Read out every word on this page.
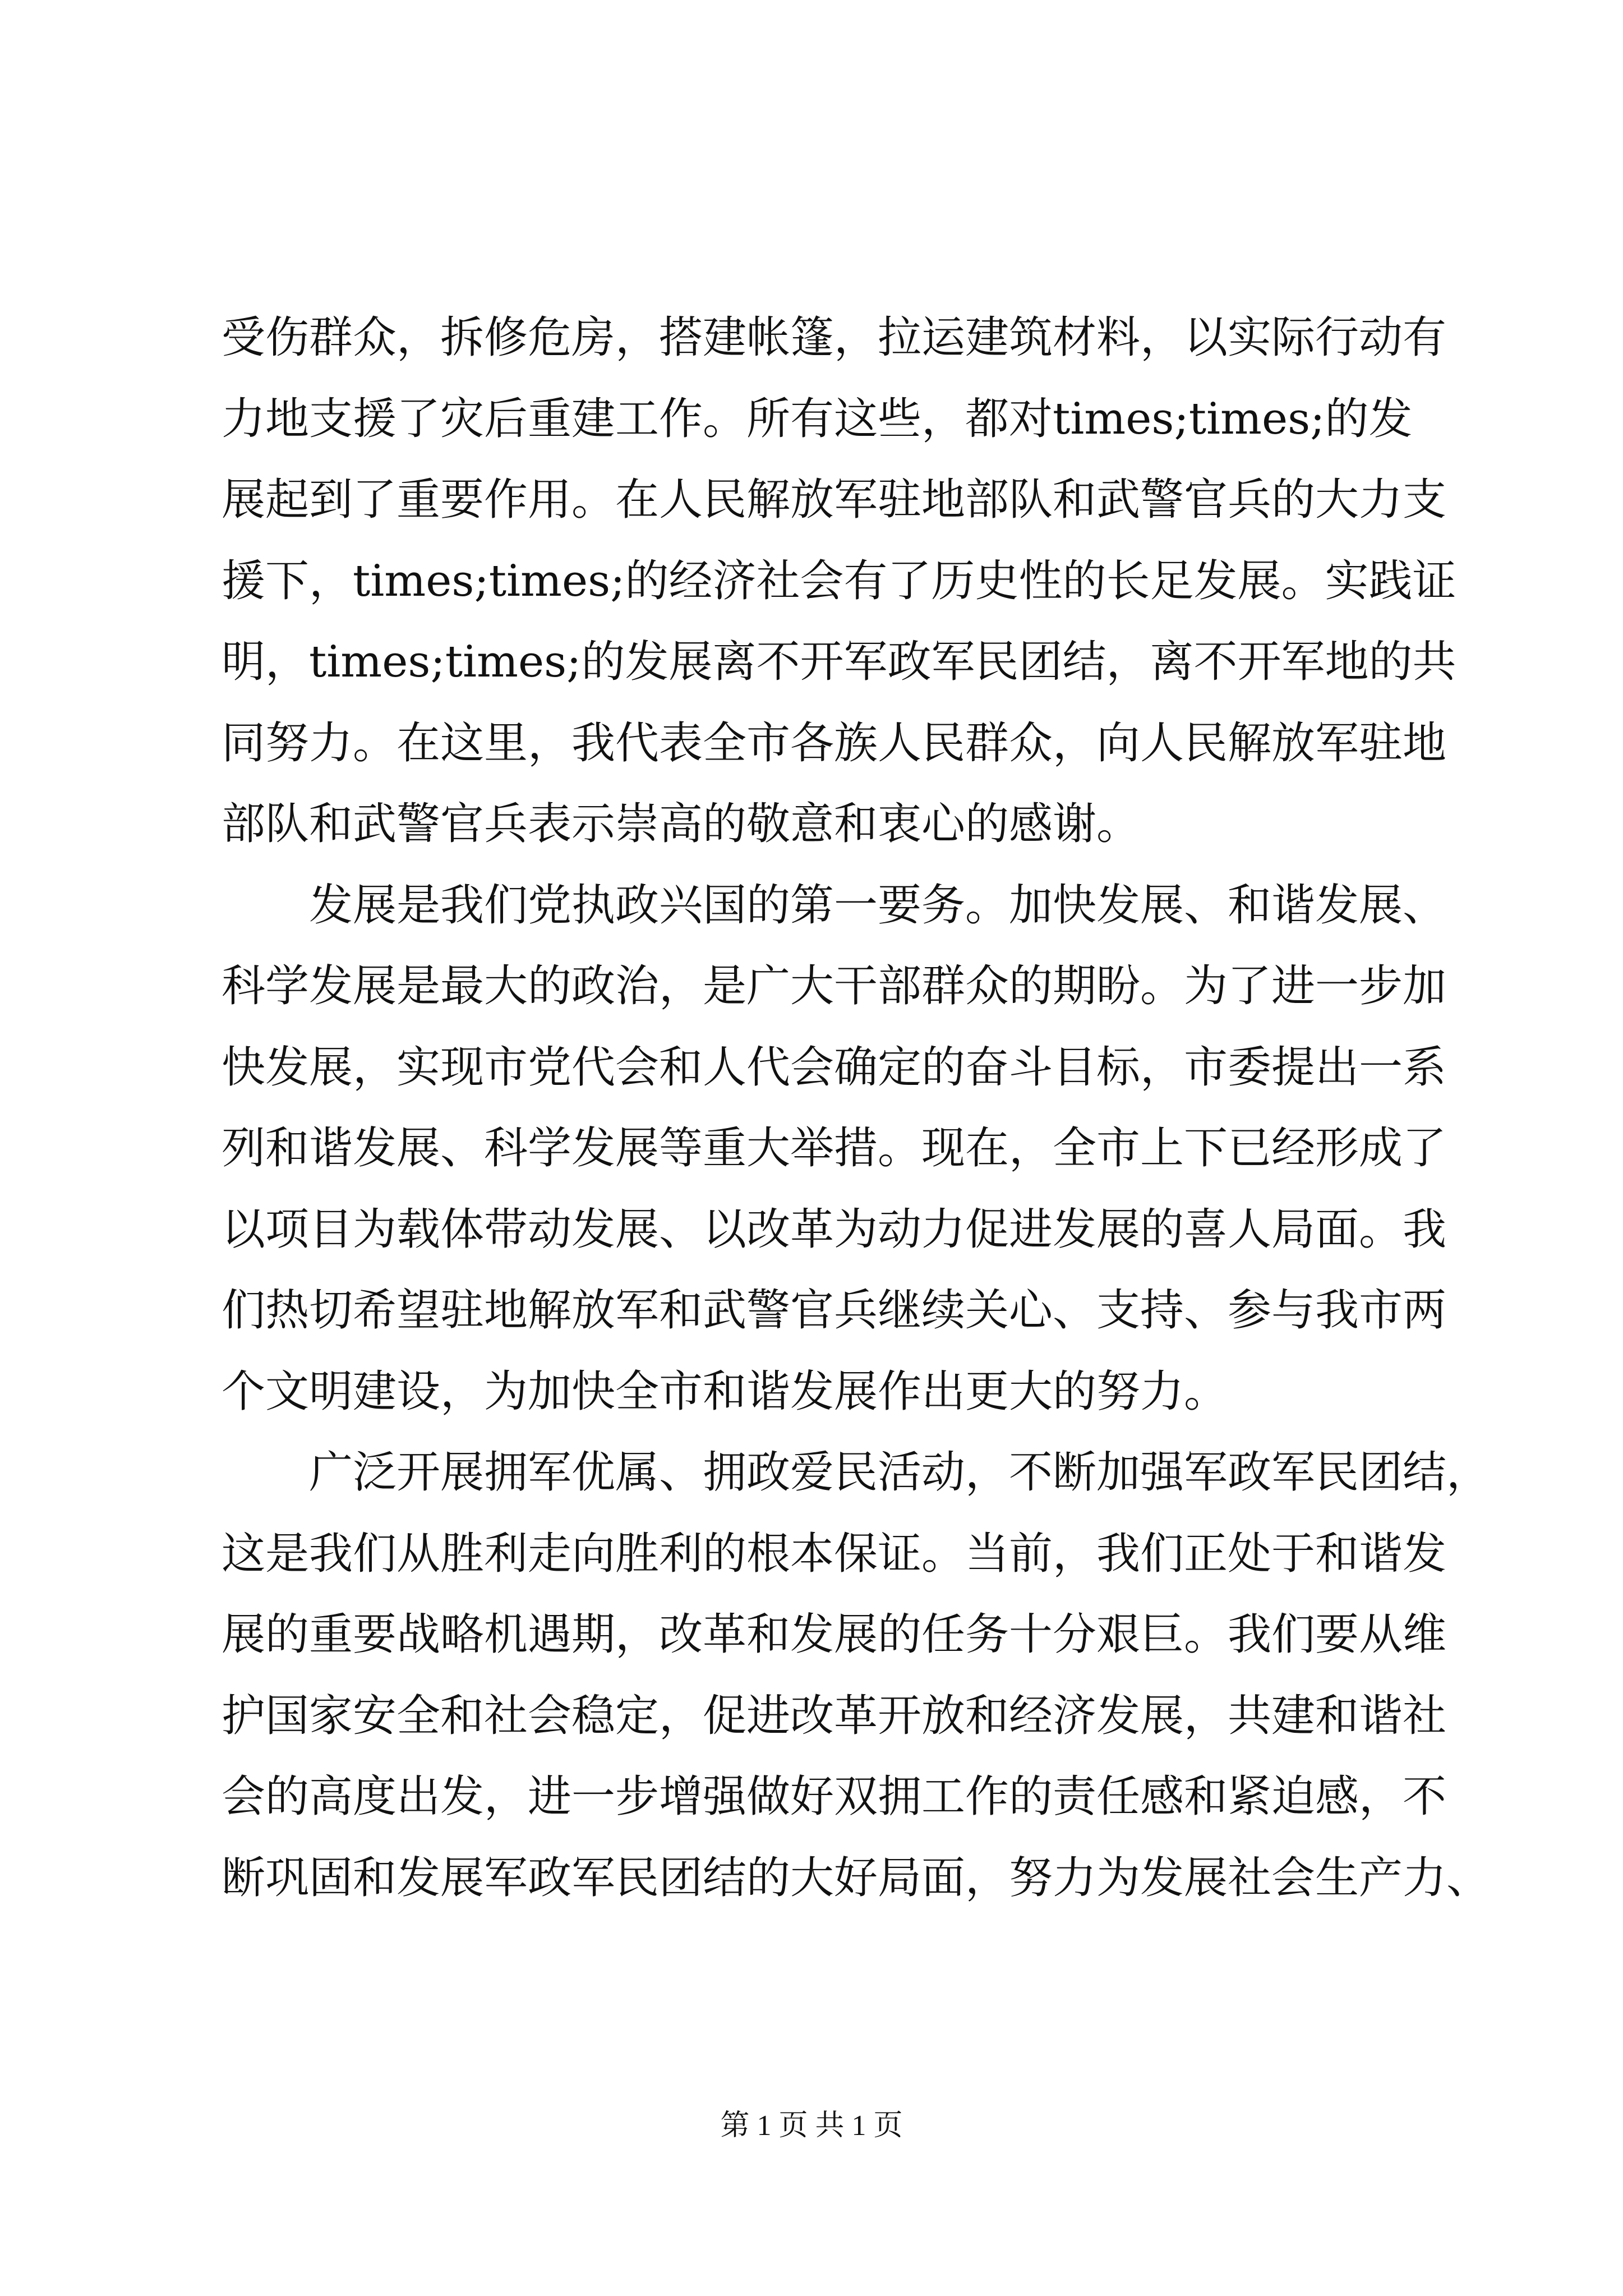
受伤群众，拆修危房，搭建帐篷，拉运建筑材料，以实际行动有
力地支援了灾后重建工作。所有这些，都对times;times;的发
展起到了重要作用。在人民解放军驻地部队和武警官兵的大力支
援下，times;times;的经济社会有了历史性的长足发展。实践证
明，times;times;的发展离不开军政军民团结，离不开军地的共
同努力。在这里，我代表全市各族人民群众，向人民解放军驻地
部队和武警官兵表示崇高的敬意和衷心的感谢。
　　发展是我们党执政兴国的第一要务。加快发展、和谐发展、
科学发展是最大的政治，是广大干部群众的期盼。为了进一步加
快发展，实现市党代会和人代会确定的奋斗目标，市委提出一系
列和谐发展、科学发展等重大举措。现在，全市上下已经形成了
以项目为载体带动发展、以改革为动力促进发展的喜人局面。我
们热切希望驻地解放军和武警官兵继续关心、支持、参与我市两
个文明建设，为加快全市和谐发展作出更大的努力。
　　广泛开展拥军优属、拥政爱民活动，不断加强军政军民团结，
这是我们从胜利走向胜利的根本保证。当前，我们正处于和谐发
展的重要战略机遇期，改革和发展的任务十分艰巨。我们要从维
护国家安全和社会稳定，促进改革开放和经济发展，共建和谐社
会的高度出发，进一步增强做好双拥工作的责任感和紧迫感，不
断巩固和发展军政军民团结的大好局面，努力为发展社会生产力、
第 1 页 共 1 页
